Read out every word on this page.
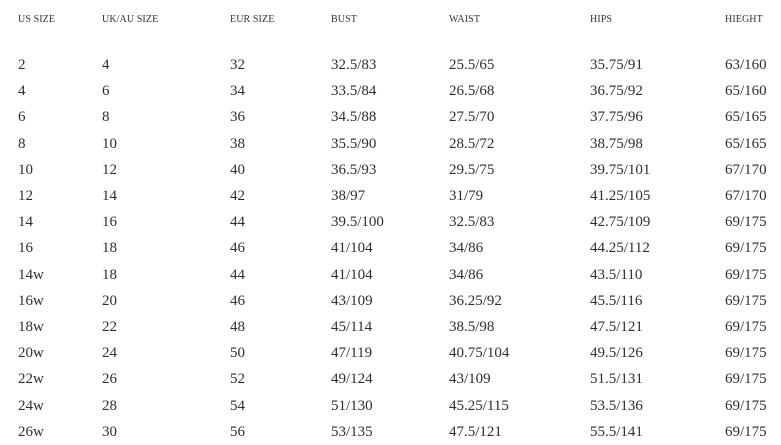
US SIZE	UK/AU SIZE	EUR SIZE	BUST	WAIST	HIPS	HIEGHT
2	4	32	32.5/83	25.5/65	35.75/91	63/160
4	6	34	33.5/84	26.5/68	36.75/92	65/160
6	8	36	34.5/88	27.5/70	37.75/96	65/165
8	10	38	35.5/90	28.5/72	38.75/98	65/165
10	12	40	36.5/93	29.5/75	39.75/101	67/170
12	14	42	38/97	31/79	41.25/105	67/170
14	16	44	39.5/100	32.5/83	42.75/109	69/175
16	18	46	41/104	34/86	44.25/112	69/175
14w	18	44	41/104	34/86	43.5/110	69/175
16w	20	46	43/109	36.25/92	45.5/116	69/175
18w	22	48	45/114	38.5/98	47.5/121	69/175
20w	24	50	47/119	40.75/104	49.5/126	69/175
22w	26	52	49/124	43/109	51.5/131	69/175
24w	28	54	51/130	45.25/115	53.5/136	69/175
26w	30	56	53/135	47.5/121	55.5/141	69/175
